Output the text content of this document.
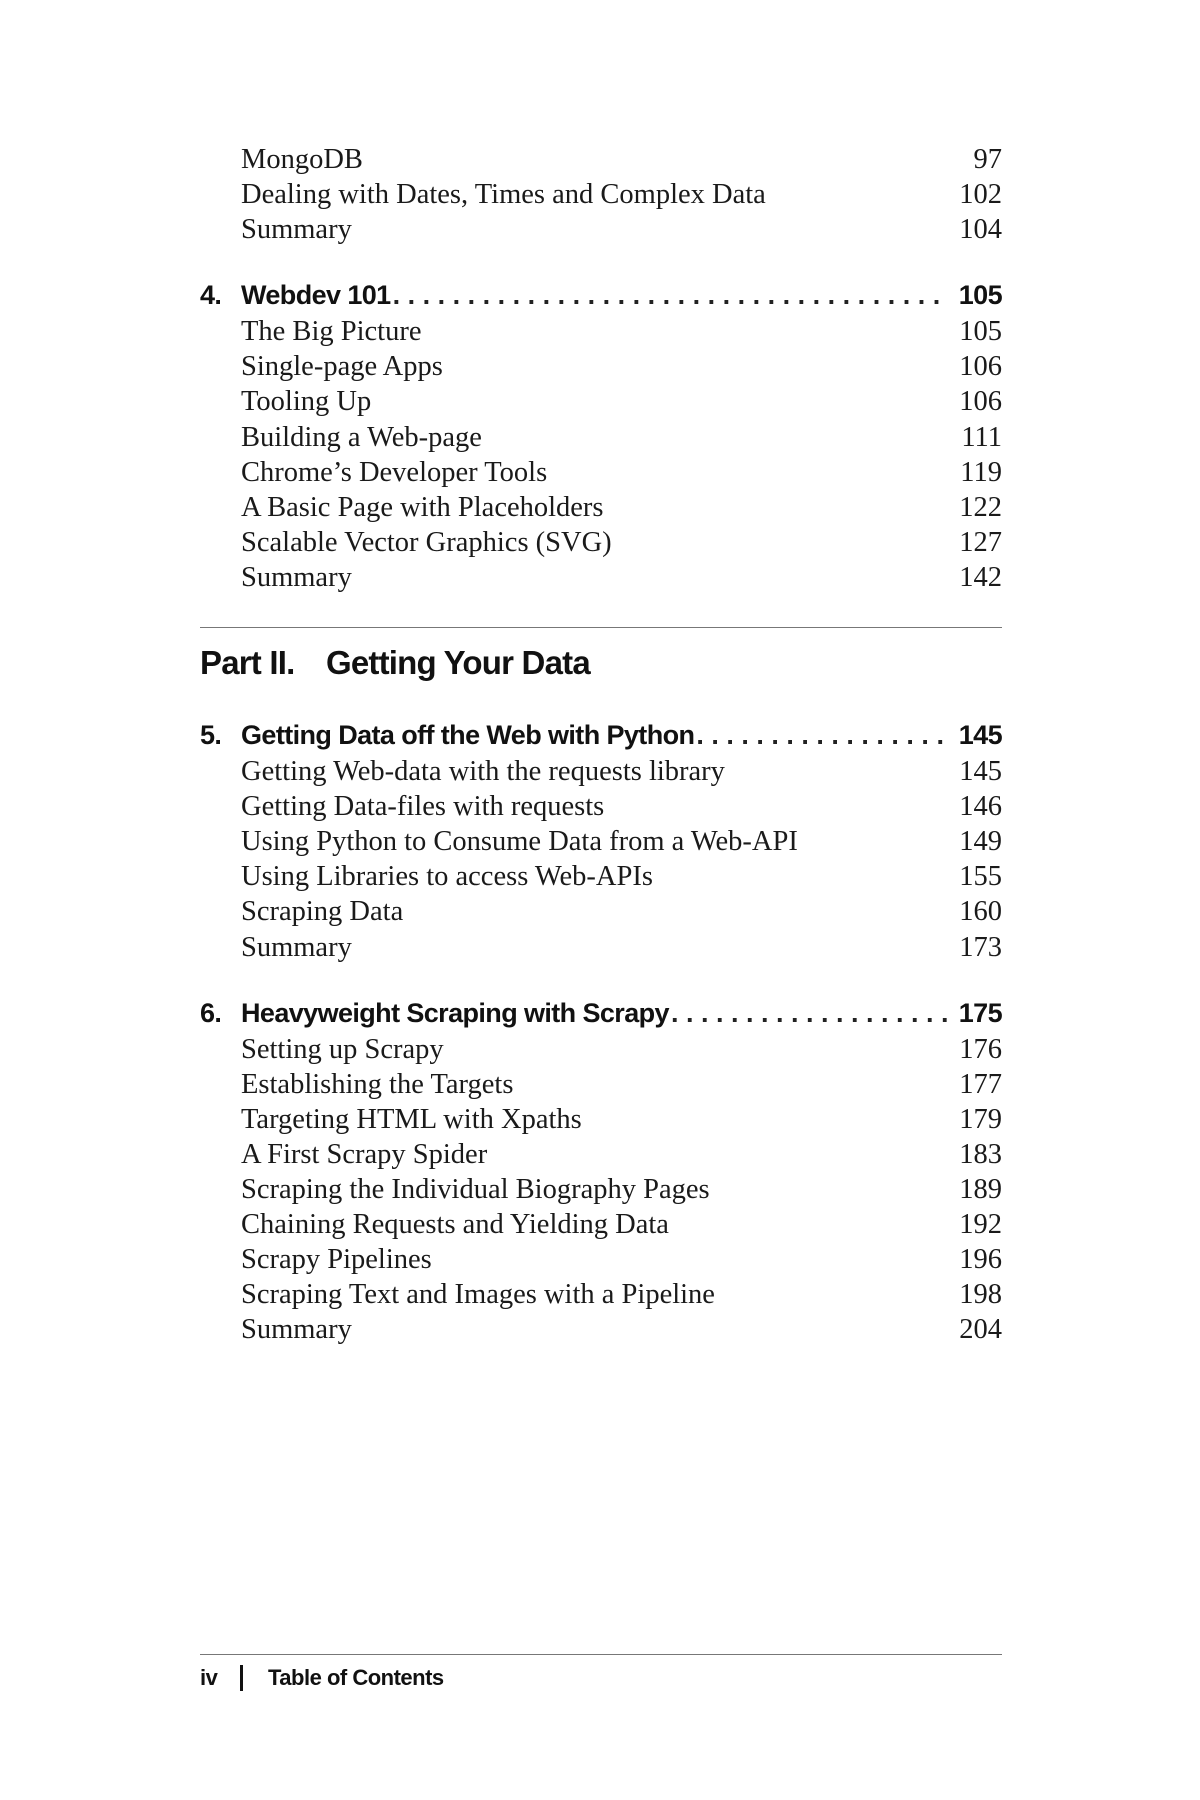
MongoDB	97
Dealing with Dates, Times and Complex Data	102
Summary	104
4. Webdev 101 . . .	105
The Big Picture	105
Single-page Apps	106
Tooling Up	106
Building a Web-page	111
Chrome’s Developer Tools	119
A Basic Page with Placeholders	122
Scalable Vector Graphics (SVG)	127
Summary	142
Part II. Getting Your Data
5. Getting Data off the Web with Python . . .	145
Getting Web-data with the requests library	145
Getting Data-files with requests	146
Using Python to Consume Data from a Web-API	149
Using Libraries to access Web-APIs	155
Scraping Data	160
Summary	173
6. Heavyweight Scraping with Scrapy . . .	175
Setting up Scrapy	176
Establishing the Targets	177
Targeting HTML with Xpaths	179
A First Scrapy Spider	183
Scraping the Individual Biography Pages	189
Chaining Requests and Yielding Data	192
Scrapy Pipelines	196
Scraping Text and Images with a Pipeline	198
Summary	204
iv	Table of Contents
